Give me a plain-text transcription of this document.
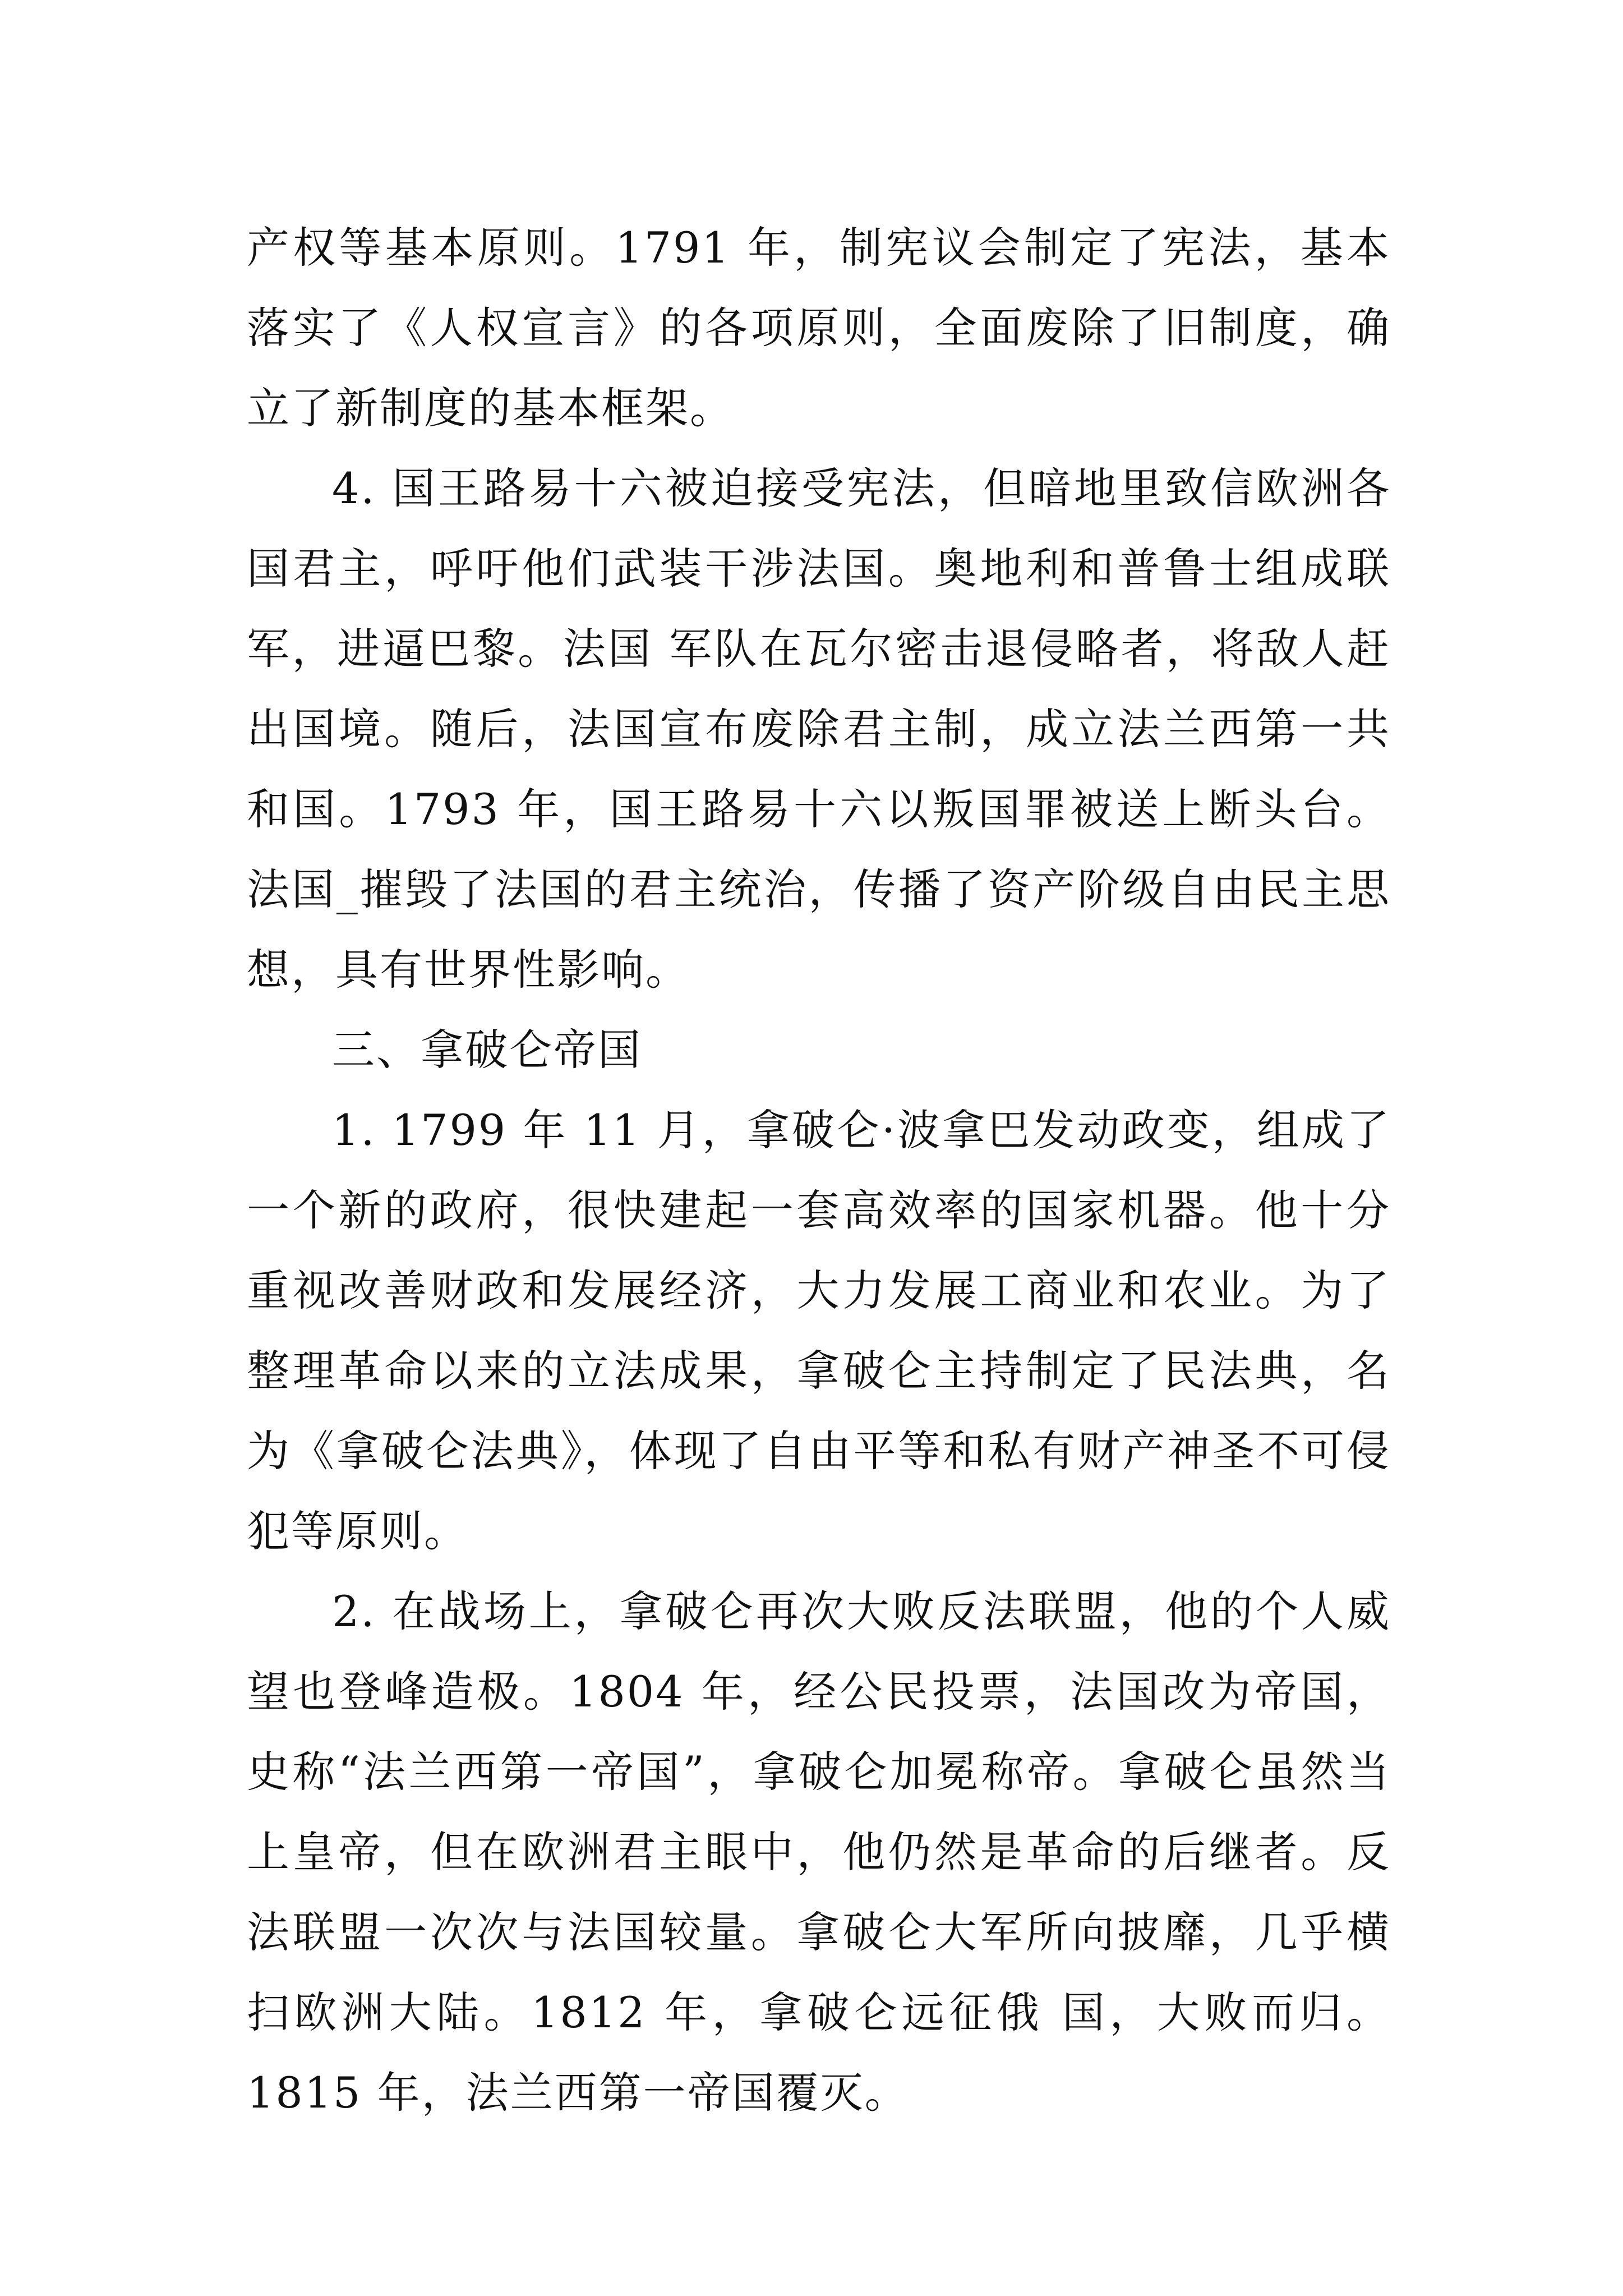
产权等基本原则。1791 年，制宪议会制定了宪法，基本落实了《人权宣言》的各项原则，全面废除了旧制度，确立了新制度的基本框架。

4. 国王路易十六被迫接受宪法，但暗地里致信欧洲各国君主，呼吁他们武装干涉法国。奥地利和普鲁士组成联军，进逼巴黎。法国 军队在瓦尔密击退侵略者，将敌人赶出国境。随后，法国宣布废除君主制，成立法兰西第一共和国。1793 年，国王路易十六以叛国罪被送上断头台。法国_摧毁了法国的君主统治，传播了资产阶级自由民主思想，具有世界性影响。

三、拿破仑帝国

1. 1799 年 11 月，拿破仑·波拿巴发动政变，组成了一个新的政府，很快建起一套高效率的国家机器。他十分重视改善财政和发展经济，大力发展工商业和农业。为了整理革命以来的立法成果，拿破仑主持制定了民法典，名为《拿破仑法典》，体现了自由平等和私有财产神圣不可侵犯等原则。

2. 在战场上，拿破仑再次大败反法联盟，他的个人威望也登峰造极。1804 年，经公民投票，法国改为帝国，史称“法兰西第一帝国”，拿破仑加冕称帝。拿破仑虽然当上皇帝，但在欧洲君主眼中，他仍然是革命的后继者。反法联盟一次次与法国较量。拿破仑大军所向披靡，几乎横扫欧洲大陆。1812 年，拿破仑远征俄 国，大败而归。1815 年，法兰西第一帝国覆灭。
